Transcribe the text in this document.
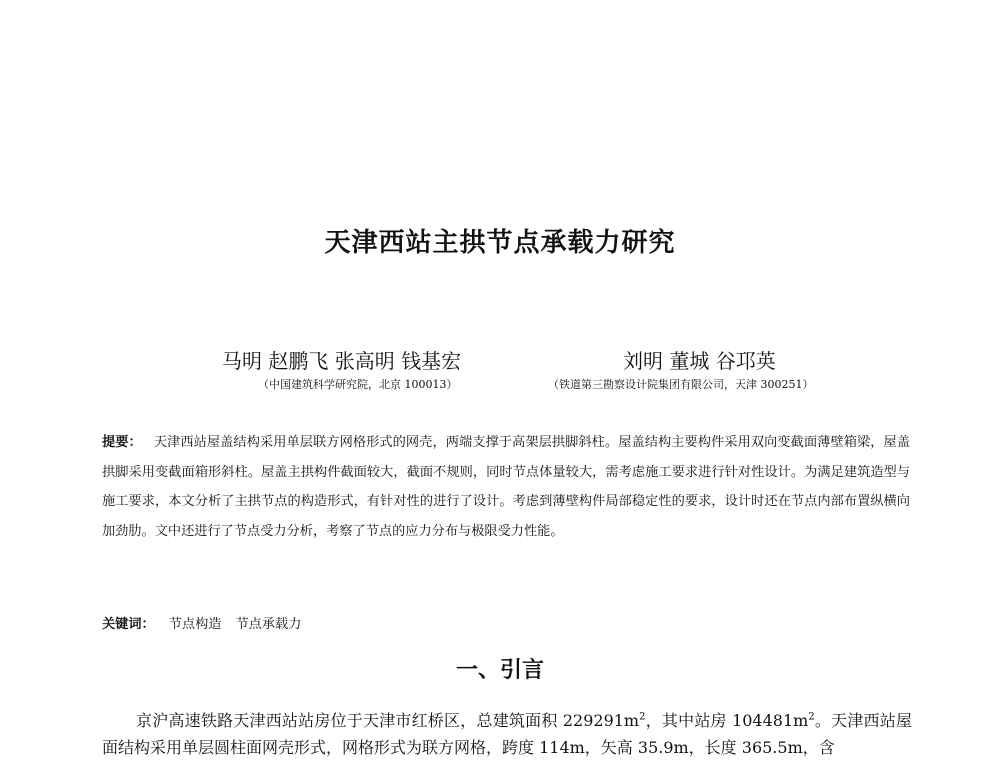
天津西站主拱节点承载力研究
马明 赵鹏飞 张高明 钱基宏	刘明 董城 谷邛英
（中国建筑科学研究院，北京 100013）	（铁道第三勘察设计院集团有限公司，天津 300251）
提要： 天津西站屋盖结构采用单层联方网格形式的网壳，两端支撑于高架层拱脚斜柱。屋盖结构主要构件采用双向变截面薄壁箱梁，屋盖拱脚采用变截面箱形斜柱。屋盖主拱构件截面较大，截面不规则，同时节点体量较大，需考虑施工要求进行针对性设计。为满足建筑造型与施工要求，本文分析了主拱节点的构造形式，有针对性的进行了设计。考虑到薄壁构件局部稳定性的要求，设计时还在节点内部布置纵横向加劲肋。文中还进行了节点受力分析，考察了节点的应力分布与极限受力性能。
关键词： 节点构造 节点承载力
一、引言
京沪高速铁路天津西站站房位于天津市红桥区，总建筑面积 $229291m^2$，其中站房 $104481m^2$。天津西站屋面结构采用单层圆柱面网壳形式，网格形式为联方网格，跨度 114m，矢高 35.9m，长度 365.5m，含
